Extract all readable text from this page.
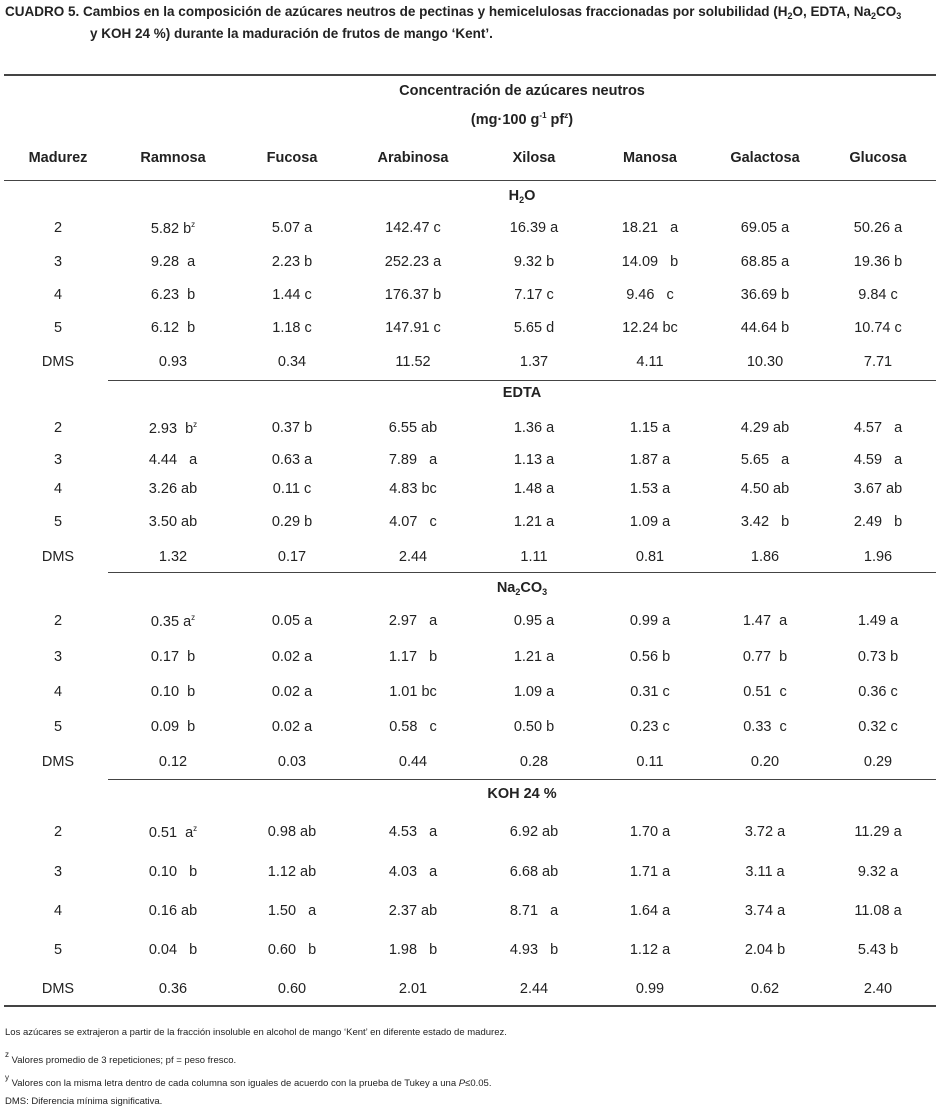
CUADRO 5. Cambios en la composición de azúcares neutros de pectinas y hemicelulosas fraccionadas por solubilidad ($H_2O$, EDTA, $Na_2CO_3$
y KOH 24 %) durante la maduración de frutos de mango ‘Kent’.
Concentración de azúcares neutros
(mg·100 $g^{-1}$ $pf^z$)
Madurez	Ramnosa	Fucosa	Arabinosa	Xilosa	Manosa	Galactosa	Glucosa
$H_2O$
2	5.82 $b^z$	5.07 a	142.47 c	16.39 a	18.21   a	69.05 a	50.26 a
3	9.28  a	2.23 b	252.23 a	9.32 b	14.09   b	68.85 a	19.36 b
4	6.23  b	1.44 c	176.37 b	7.17 c	9.46   c	36.69 b	9.84 c
5	6.12  b	1.18 c	147.91 c	5.65 d	12.24 bc	44.64 b	10.74 c
DMS	0.93	0.34	11.52	1.37	4.11	10.30	7.71
EDTA
2	2.93  $b^z$	0.37 b	6.55 ab	1.36 a	1.15 a	4.29 ab	4.57   a
3	4.44   a	0.63 a	7.89   a	1.13 a	1.87 a	5.65   a	4.59   a
4	3.26 ab	0.11 c	4.83 bc	1.48 a	1.53 a	4.50 ab	3.67 ab
5	3.50 ab	0.29 b	4.07   c	1.21 a	1.09 a	3.42   b	2.49   b
DMS	1.32	0.17	2.44	1.11	0.81	1.86	1.96
$Na_2CO_3$
2	0.35 $a^z$	0.05 a	2.97   a	0.95 a	0.99 a	1.47  a	1.49 a
3	0.17  b	0.02 a	1.17   b	1.21 a	0.56 b	0.77  b	0.73 b
4	0.10  b	0.02 a	1.01 bc	1.09 a	0.31 c	0.51  c	0.36 c
5	0.09  b	0.02 a	0.58   c	0.50 b	0.23 c	0.33  c	0.32 c
DMS	0.12	0.03	0.44	0.28	0.11	0.20	0.29
KOH 24 %
2	0.51  $a^z$	0.98 ab	4.53   a	6.92 ab	1.70 a	3.72 a	11.29 a
3	0.10   b	1.12 ab	4.03   a	6.68 ab	1.71 a	3.11 a	9.32 a
4	0.16 ab	1.50   a	2.37 ab	8.71   a	1.64 a	3.74 a	11.08 a
5	0.04   b	0.60   b	1.98   b	4.93   b	1.12 a	2.04 b	5.43 b
DMS	0.36	0.60	2.01	2.44	0.99	0.62	2.40
Los azúcares se extrajeron a partir de la fracción insoluble en alcohol de mango ‘Kent’ en diferente estado de madurez.
$^z$ Valores promedio de 3 repeticiones; pf = peso fresco.
$^y$ Valores con la misma letra dentro de cada columna son iguales de acuerdo con la prueba de Tukey a una P≤0.05.
DMS: Diferencia mínima significativa.
